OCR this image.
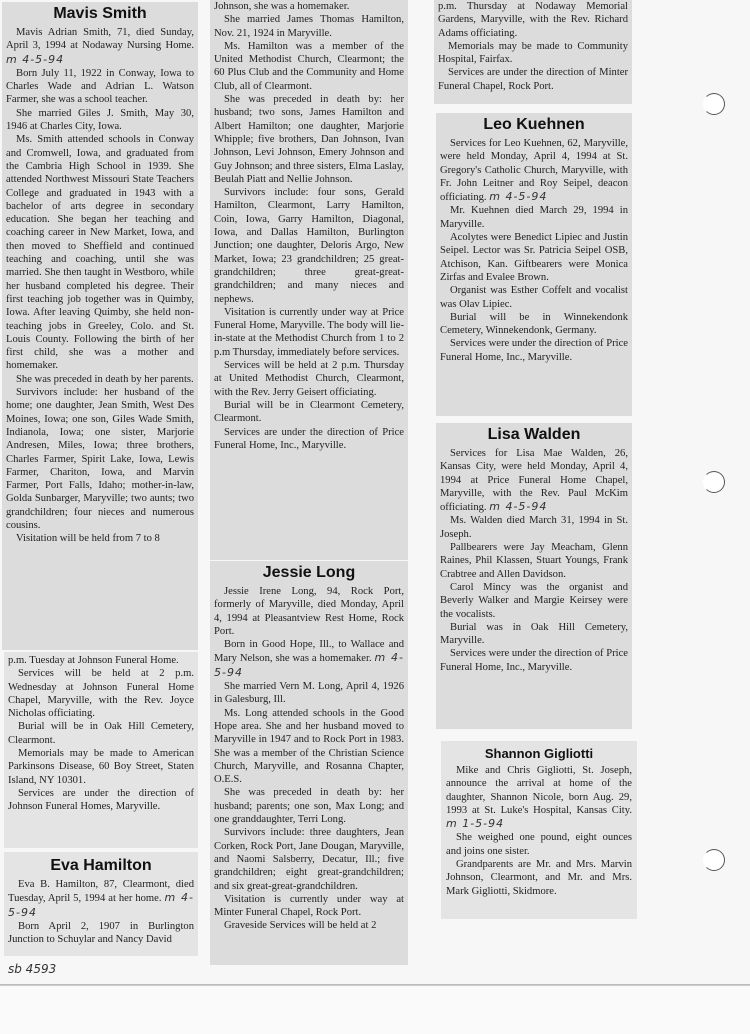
Mavis Smith

Mavis Adrian Smith, 71, died Sunday, April 3, 1994 at Nodaway Nursing Home. m 4-5-94

Born July 11, 1922 in Conway, Iowa to Charles Wade and Adrian L. Watson Farmer, she was a school teacher.

She married Giles J. Smith, May 30, 1946 at Charles City, Iowa.

Ms. Smith attended schools in Conway and Cromwell, Iowa, and graduated from the Cambria High School in 1939. She attended Northwest Missouri State Teachers College and graduated in 1943 with a bachelor of arts degree in secondary education. She began her teaching and coaching career in New Market, Iowa, and then moved to Sheffield and continued teaching and coaching, until she was married. She then taught in Westboro, while her husband completed his degree. Their first teaching job together was in Quimby, Iowa. After leaving Quimby, she held non-teaching jobs in Greeley, Colo. and St. Louis County. Following the birth of her first child, she was a mother and homemaker.

She was preceded in death by her parents.

Survivors include: her husband of the home; one daughter, Jean Smith, West Des Moines, Iowa; one son, Giles Wade Smith, Indianola, Iowa; one sister, Marjorie Andresen, Miles, Iowa; three brothers, Charles Farmer, Spirit Lake, Iowa, Lewis Farmer, Chariton, Iowa, and Marvin Farmer, Port Falls, Idaho; mother-in-law, Golda Sunbarger, Maryville; two aunts; two grandchildren; four nieces and numerous cousins.

Visitation will be held from 7 to 8

p.m. Tuesday at Johnson Funeral Home.

Services will be held at 2 p.m. Wednesday at Johnson Funeral Home Chapel, Maryville, with the Rev. Joyce Nicholas officiating.

Burial will be in Oak Hill Cemetery, Clearmont.

Memorials may be made to American Parkinsons Disease, 60 Boy Street, Staten Island, NY 10301.

Services are under the direction of Johnson Funeral Homes, Maryville.

Eva Hamilton

Eva B. Hamilton, 87, Clearmont, died Tuesday, April 5, 1994 at her home. m 4-5-94

Born April 2, 1907 in Burlington Junction to Schuylar and Nancy David

Johnson, she was a homemaker.

She married James Thomas Hamilton, Nov. 21, 1924 in Maryville.

Ms. Hamilton was a member of the United Methodist Church, Clearmont; the 60 Plus Club and the Community and Home Club, all of Clearmont.

She was preceded in death by: her husband; two sons, James Hamilton and Albert Hamilton; one daughter, Marjorie Whipple; five brothers, Dan Johnson, Ivan Johnson, Levi Johnson, Emery Johnson and Guy Johnson; and three sisters, Elma Laslay, Beulah Piatt and Nellie Johnson.

Survivors include: four sons, Gerald Hamilton, Clearmont, Larry Hamilton, Coin, Iowa, Garry Hamilton, Diagonal, Iowa, and Dallas Hamilton, Burlington Junction; one daughter, Deloris Argo, New Market, Iowa; 23 grandchildren; 25 great-grandchildren; three great-great-grandchildren; and many nieces and nephews.

Visitation is currently under way at Price Funeral Home, Maryville. The body will lie-in-state at the Methodist Church from 1 to 2 p.m Thursday, immediately before services.

Services will be held at 2 p.m. Thursday at United Methodist Church, Clearmont, with the Rev. Jerry Geisert officiating.

Burial will be in Clearmont Cemetery, Clearmont.

Services are under the direction of Price Funeral Home, Inc., Maryville.

Jessie Long

Jessie Irene Long, 94, Rock Port, formerly of Maryville, died Monday, April 4, 1994 at Pleasantview Rest Home, Rock Port.

Born in Good Hope, Ill., to Wallace and Mary Nelson, she was a homemaker. m 4-5-94

She married Vern M. Long, April 4, 1926 in Galesburg, Ill.

Ms. Long attended schools in the Good Hope area. She and her husband moved to Maryville in 1947 and to Rock Port in 1983. She was a member of the Christian Science Church, Maryville, and Rosanna Chapter, O.E.S.

She was preceded in death by: her husband; parents; one son, Max Long; and one granddaughter, Terri Long.

Survivors include: three daughters, Jean Corken, Rock Port, Jane Dougan, Maryville, and Naomi Salsberry, Decatur, Ill.; five grandchildren; eight great-grandchildren; and six great-great-grandchildren.

Visitation is currently under way at Minter Funeral Chapel, Rock Port.

Graveside Services will be held at 2

p.m. Thursday at Nodaway Memorial Gardens, Maryville, with the Rev. Richard Adams officiating.

Memorials may be made to Community Hospital, Fairfax.

Services are under the direction of Minter Funeral Chapel, Rock Port.

Leo Kuehnen

Services for Leo Kuehnen, 62, Maryville, were held Monday, April 4, 1994 at St. Gregory's Catholic Church, Maryville, with Fr. John Leitner and Roy Seipel, deacon officiating. m 4-5-94

Mr. Kuehnen died March 29, 1994 in Maryville.

Acolytes were Benedict Lipiec and Justin Seipel. Lector was Sr. Patricia Seipel OSB, Atchison, Kan. Giftbearers were Monica Zirfas and Evalee Brown.

Organist was Esther Coffelt and vocalist was Olav Lipiec.

Burial will be in Winnekendonk Cemetery, Winnekendonk, Germany.

Services were under the direction of Price Funeral Home, Inc., Maryville.

Lisa Walden

Services for Lisa Mae Walden, 26, Kansas City, were held Monday, April 4, 1994 at Price Funeral Home Chapel, Maryville, with the Rev. Paul McKim officiating. m 4-5-94

Ms. Walden died March 31, 1994 in St. Joseph.

Pallbearers were Jay Meacham, Glenn Raines, Phil Klassen, Stuart Youngs, Frank Crabtree and Allen Davidson.

Carol Mincy was the organist and Beverly Walker and Margie Keirsey were the vocalists.

Burial was in Oak Hill Cemetery, Maryville.

Services were under the direction of Price Funeral Home, Inc., Maryville.

Shannon Gigliotti

Mike and Chris Gigliotti, St. Joseph, announce the arrival at home of the daughter, Shannon Nicole, born Aug. 29, 1993 at St. Luke's Hospital, Kansas City. m 1-5-94

She weighed one pound, eight ounces and joins one sister.

Grandparents are Mr. and Mrs. Marvin Johnson, Clearmont, and Mr. and Mrs. Mark Gigliotti, Skidmore.

sb 4593
